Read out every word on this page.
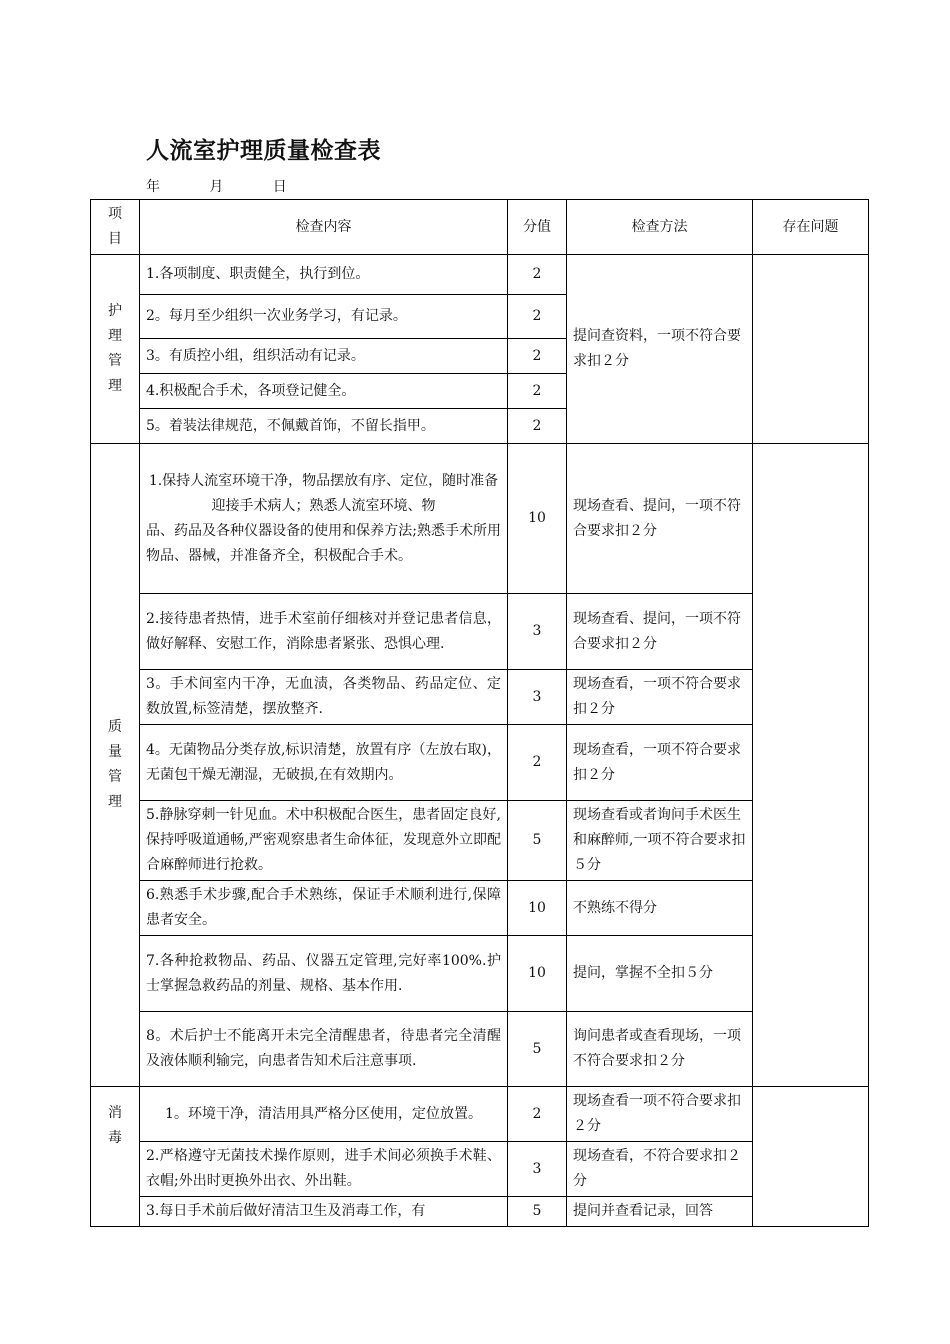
人流室护理质量检查表
年   月   日
项目	检查内容	分值	检查方法	存在问题

护理管理	1.各项制度、职责健全，执行到位。	2	提问查资料，一项不符合要求扣２分	
	2。每月至少组织一次业务学习，有记录。	2		
	3。有质控小组，组织活动有记录。	2		
	4.积极配合手术，各项登记健全。	2		
	5。着装法律规范，不佩戴首饰，不留长指甲。	2		

质量管理	1.保持人流室环境干净，物品摆放有序、定位，随时准备迎接手术病人；熟悉人流室环境、物
品、药品及各种仪器设备的使用和保养方法;熟悉手术所用物品、器械，并准备齐全，积极配合手术。	10	现场查看、提问，一项不符合要求扣２分	
	2.接待患者热情，进手术室前仔细核对并登记患者信息，做好解释、安慰工作，消除患者紧张、恐惧心理.	3	现场查看、提问，一项不符合要求扣２分	
	3。手术间室内干净，无血渍，各类物品、药品定位、定数放置,标签清楚，摆放整齐.	3	现场查看，一项不符合要求扣２分	
	4。无菌物品分类存放,标识清楚，放置有序（左放右取)，无菌包干燥无潮湿，无破损,在有效期内。	2	现场查看，一项不符合要求扣２分	
	5.静脉穿刺一针见血。术中积极配合医生，患者固定良好,保持呼吸道通畅,严密观察患者生命体征，发现意外立即配合麻醉师进行抢救。	5	现场查看或者询问手术医生和麻醉师,一项不符合要求扣５分	
	6.熟悉手术步骤,配合手术熟练，保证手术顺利进行,保障患者安全。	10	不熟练不得分	
	7.各种抢救物品、药品、仪器五定管理,完好率100%.护士掌握急救药品的剂量、规格、基本作用.	10	提问，掌握不全扣５分	
	8。术后护士不能离开未完全清醒患者，待患者完全清醒及液体顺利输完，向患者告知术后注意事项.	5	询问患者或查看现场，一项不符合要求扣２分	

消毒	1。环境干净，清洁用具严格分区使用，定位放置。	2	现场查看一项不符合要求扣２分	
	2.严格遵守无菌技术操作原则，进手术间必须换手术鞋、衣帽;外出时更换外出衣、外出鞋。	3	现场查看，不符合要求扣２分	
	3.每日手术前后做好清洁卫生及消毒工作，有	5	提问并查看记录，回答	
